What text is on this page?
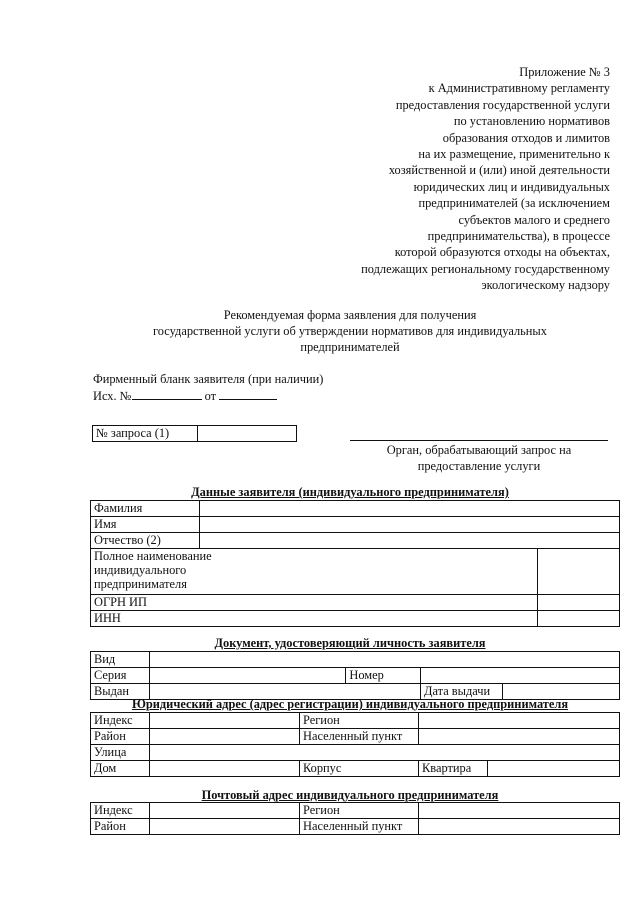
Приложение № 3
к Административному регламенту
предоставления государственной услуги
по установлению нормативов
образования отходов и лимитов
на их размещение, применительно к
хозяйственной и (или) иной деятельности
юридических лиц и индивидуальных
предпринимателей (за исключением
субъектов малого и среднего
предпринимательства), в процессе
которой образуются отходы на объектах,
подлежащих региональному государственному
экологическому надзору
Рекомендуемая форма заявления для получения
государственной услуги об утверждении нормативов для индивидуальных
предпринимателей
Фирменный бланк заявителя (при наличии)
Исх. №	от
№ запроса (1)	
Орган, обрабатывающий запрос на
предоставление услуги
Данные заявителя (индивидуального предпринимателя)
Фамилия		
Имя		
Отчество (2)		

Полное наименование
индивидуального
предпринимателя		

ОГРН ИП		
ИНН		
Документ, удостоверяющий личность заявителя
Вид				
Серия		Номер		
Выдан			Дата выдачи	
Юридический адрес (адрес регистрации) индивидуального предпринимателя
Индекс		Регион		
Район		Населенный пункт		
Улица				
Дом		Корпус	Квартира	
Почтовый адрес индивидуального предпринимателя
Индекс		Регион	
Район		Населенный пункт	
